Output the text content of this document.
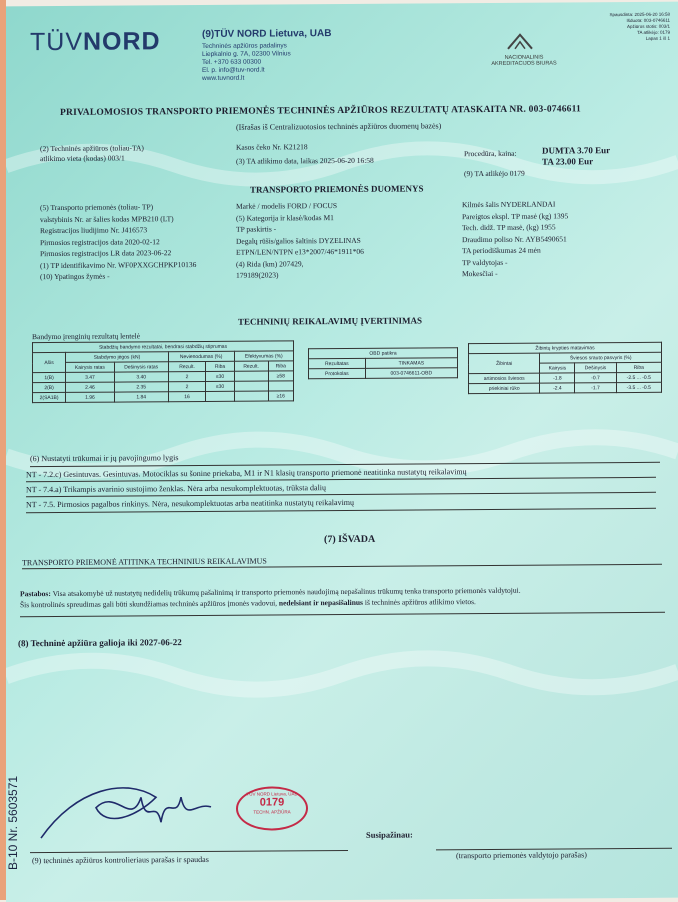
TÜVNORD	(9)TÜV NORD Lietuva, UAB
Techninės apžiūros padalinys
Liepkalnio g. 7A, 02300 Vilnius
Tel. +370 633 00300
El. p. info@tuv-nord.lt
www.tuvnord.lt
NACIONALINIS
AKREDITACIJOS BIURAS
Spausdinta: 2025-06-20 16:58
Išduota: 003-0746611
Apžiūros stotis: 003/1
TA atlikėjo: 0179
Lapas 1 iš 1
PRIVALOMOSIOS TRANSPORTO PRIEMONĖS TECHNINĖS APŽIŪROS REZULTATŲ ATASKAITA NR. 003-0746611
(Išrašas iš Centralizuotosios techninės apžiūros duomenų bazės)
(2) Techninės apžiūros (toliau-TA)
atlikimo vieta (kodas) 003/1
Kasos čeko Nr. K21218
(3) TA atlikimo data, laikas 2025-06-20 16:58
Procedūra, kaina:	DUMTA 3.70 Eur
TA 23.00 Eur
(9) TA atlikėjo 0179
TRANSPORTO PRIEMONĖS DUOMENYS
(5) Transporto priemonės (toliau- TP)
valstybinis Nr. ar šalies kodas MPB210 (LT)
Registracijos liudijimo Nr. J416573
Pirmosios registracijos data 2020-02-12
Pirmosios registracijos LR data 2023-06-22
(1) TP identifikavimo Nr. WF0PXXGCHPKP10136
(10) Ypatingos žymės -
Markė / modelis FORD / FOCUS
(5) Kategorija ir klasė/kodas M1
TP paskirtis -
Degalų rūšis/galios šaltinis DYZELINAS
ETPN/LEN/NTPN e13*2007/46*1911*06
(4) Rida (km) 207429,
179189(2023)
Kilmės šalis NYDERLANDAI
Pareigtos ekspl. TP masė (kg) 1395
Tech. didž. TP masė, (kg) 1955
Draudimo poliso Nr. AYB5490651
TA periodiškumas 24 mėn
TP valdytojas -
Mokesčiai -
TECHNINIŲ REIKALAVIMŲ ĮVERTINIMAS
Bandymo įrenginių rezultatų lentelė
Stabdžių bandymo rezultatai, bendrasi stabdžių stiprumas						
Ašis	Stabdymo jėgos (kN)		Nevienodumas (%)		Efektyvumas (%)	
	Kairysis ratas	Dešinysis ratas	Rezult.	Riba	Rezult.	Riba
1(B)	3.47	3.40	2	≤30		≥58
2(B)	2.46	2.35	2	≤30		
2(SA1B)	1.96	1.84	16			≥16
OBD patikra	
Rezultatas	TINKAMAS
Protokolas	003-0746611-OBD
Žibintų krypties matavimas			
Žibintai	Šviesos srauto pasvyris (%)		
	Kairysis	Dešinysis	Riba
artimosios šviesos	-1.8	-0.7	-2.5 ... -0.5
priekiniai rūko	-2.4	-1.7	-3.5 ... -0.5
(6) Nustatyti trūkumai ir jų pavojingumo lygis
NT - 7.2.c) Gesintuvas. Gesintuvas. Motociklas su šonine priekaba, M1 ir N1 klasių transporto priemonė neatitinka nustatytų reikalavimų
NT - 7.4.a) Trikampis avarinio sustojimo ženklas. Nėra arba nesukomplektuotas, trūksta dalių
NT - 7.5. Pirmosios pagalbos rinkinys. Nėra, nesukomplektuotas arba neatitinka nustatytų reikalavimų
(7) IŠVADA
TRANSPORTO PRIEMONĖ ATITINKA TECHNINIUS REIKALAVIMUS
Pastabos: Visa atsakomybė už nustatytų nedidelių trūkumų pašalinimą ir transporto priemonės naudojimą nepašalinus trūkumų tenka transporto priemonės valdytojui.
Šis kontrolinės spreudimas gali būti skundžiamas techninės apžiūros įmonės vadovui, nedelsiant ir nepasišalinus iš techninės apžiūros atlikimo vietos.
(8) Techninė apžiūra galioja iki 2027-06-22
TÜV NORD Lietuva, UAB
0179
TECHN. APŽIŪRA
Susipažinau:
(9) techninės apžiūros kontrolieriaus parašas ir spaudas	(transporto priemonės valdytojo parašas)
B-10 Nr. 5603571
